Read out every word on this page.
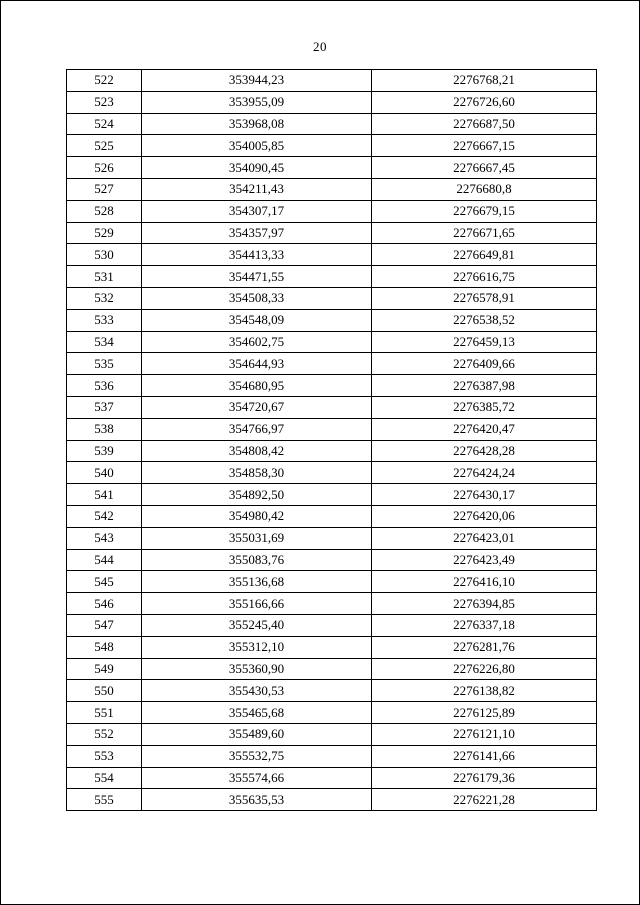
20
522	353944,23	2276768,21
523	353955,09	2276726,60
524	353968,08	2276687,50
525	354005,85	2276667,15
526	354090,45	2276667,45
527	354211,43	2276680,8
528	354307,17	2276679,15
529	354357,97	2276671,65
530	354413,33	2276649,81
531	354471,55	2276616,75
532	354508,33	2276578,91
533	354548,09	2276538,52
534	354602,75	2276459,13
535	354644,93	2276409,66
536	354680,95	2276387,98
537	354720,67	2276385,72
538	354766,97	2276420,47
539	354808,42	2276428,28
540	354858,30	2276424,24
541	354892,50	2276430,17
542	354980,42	2276420,06
543	355031,69	2276423,01
544	355083,76	2276423,49
545	355136,68	2276416,10
546	355166,66	2276394,85
547	355245,40	2276337,18
548	355312,10	2276281,76
549	355360,90	2276226,80
550	355430,53	2276138,82
551	355465,68	2276125,89
552	355489,60	2276121,10
553	355532,75	2276141,66
554	355574,66	2276179,36
555	355635,53	2276221,28
